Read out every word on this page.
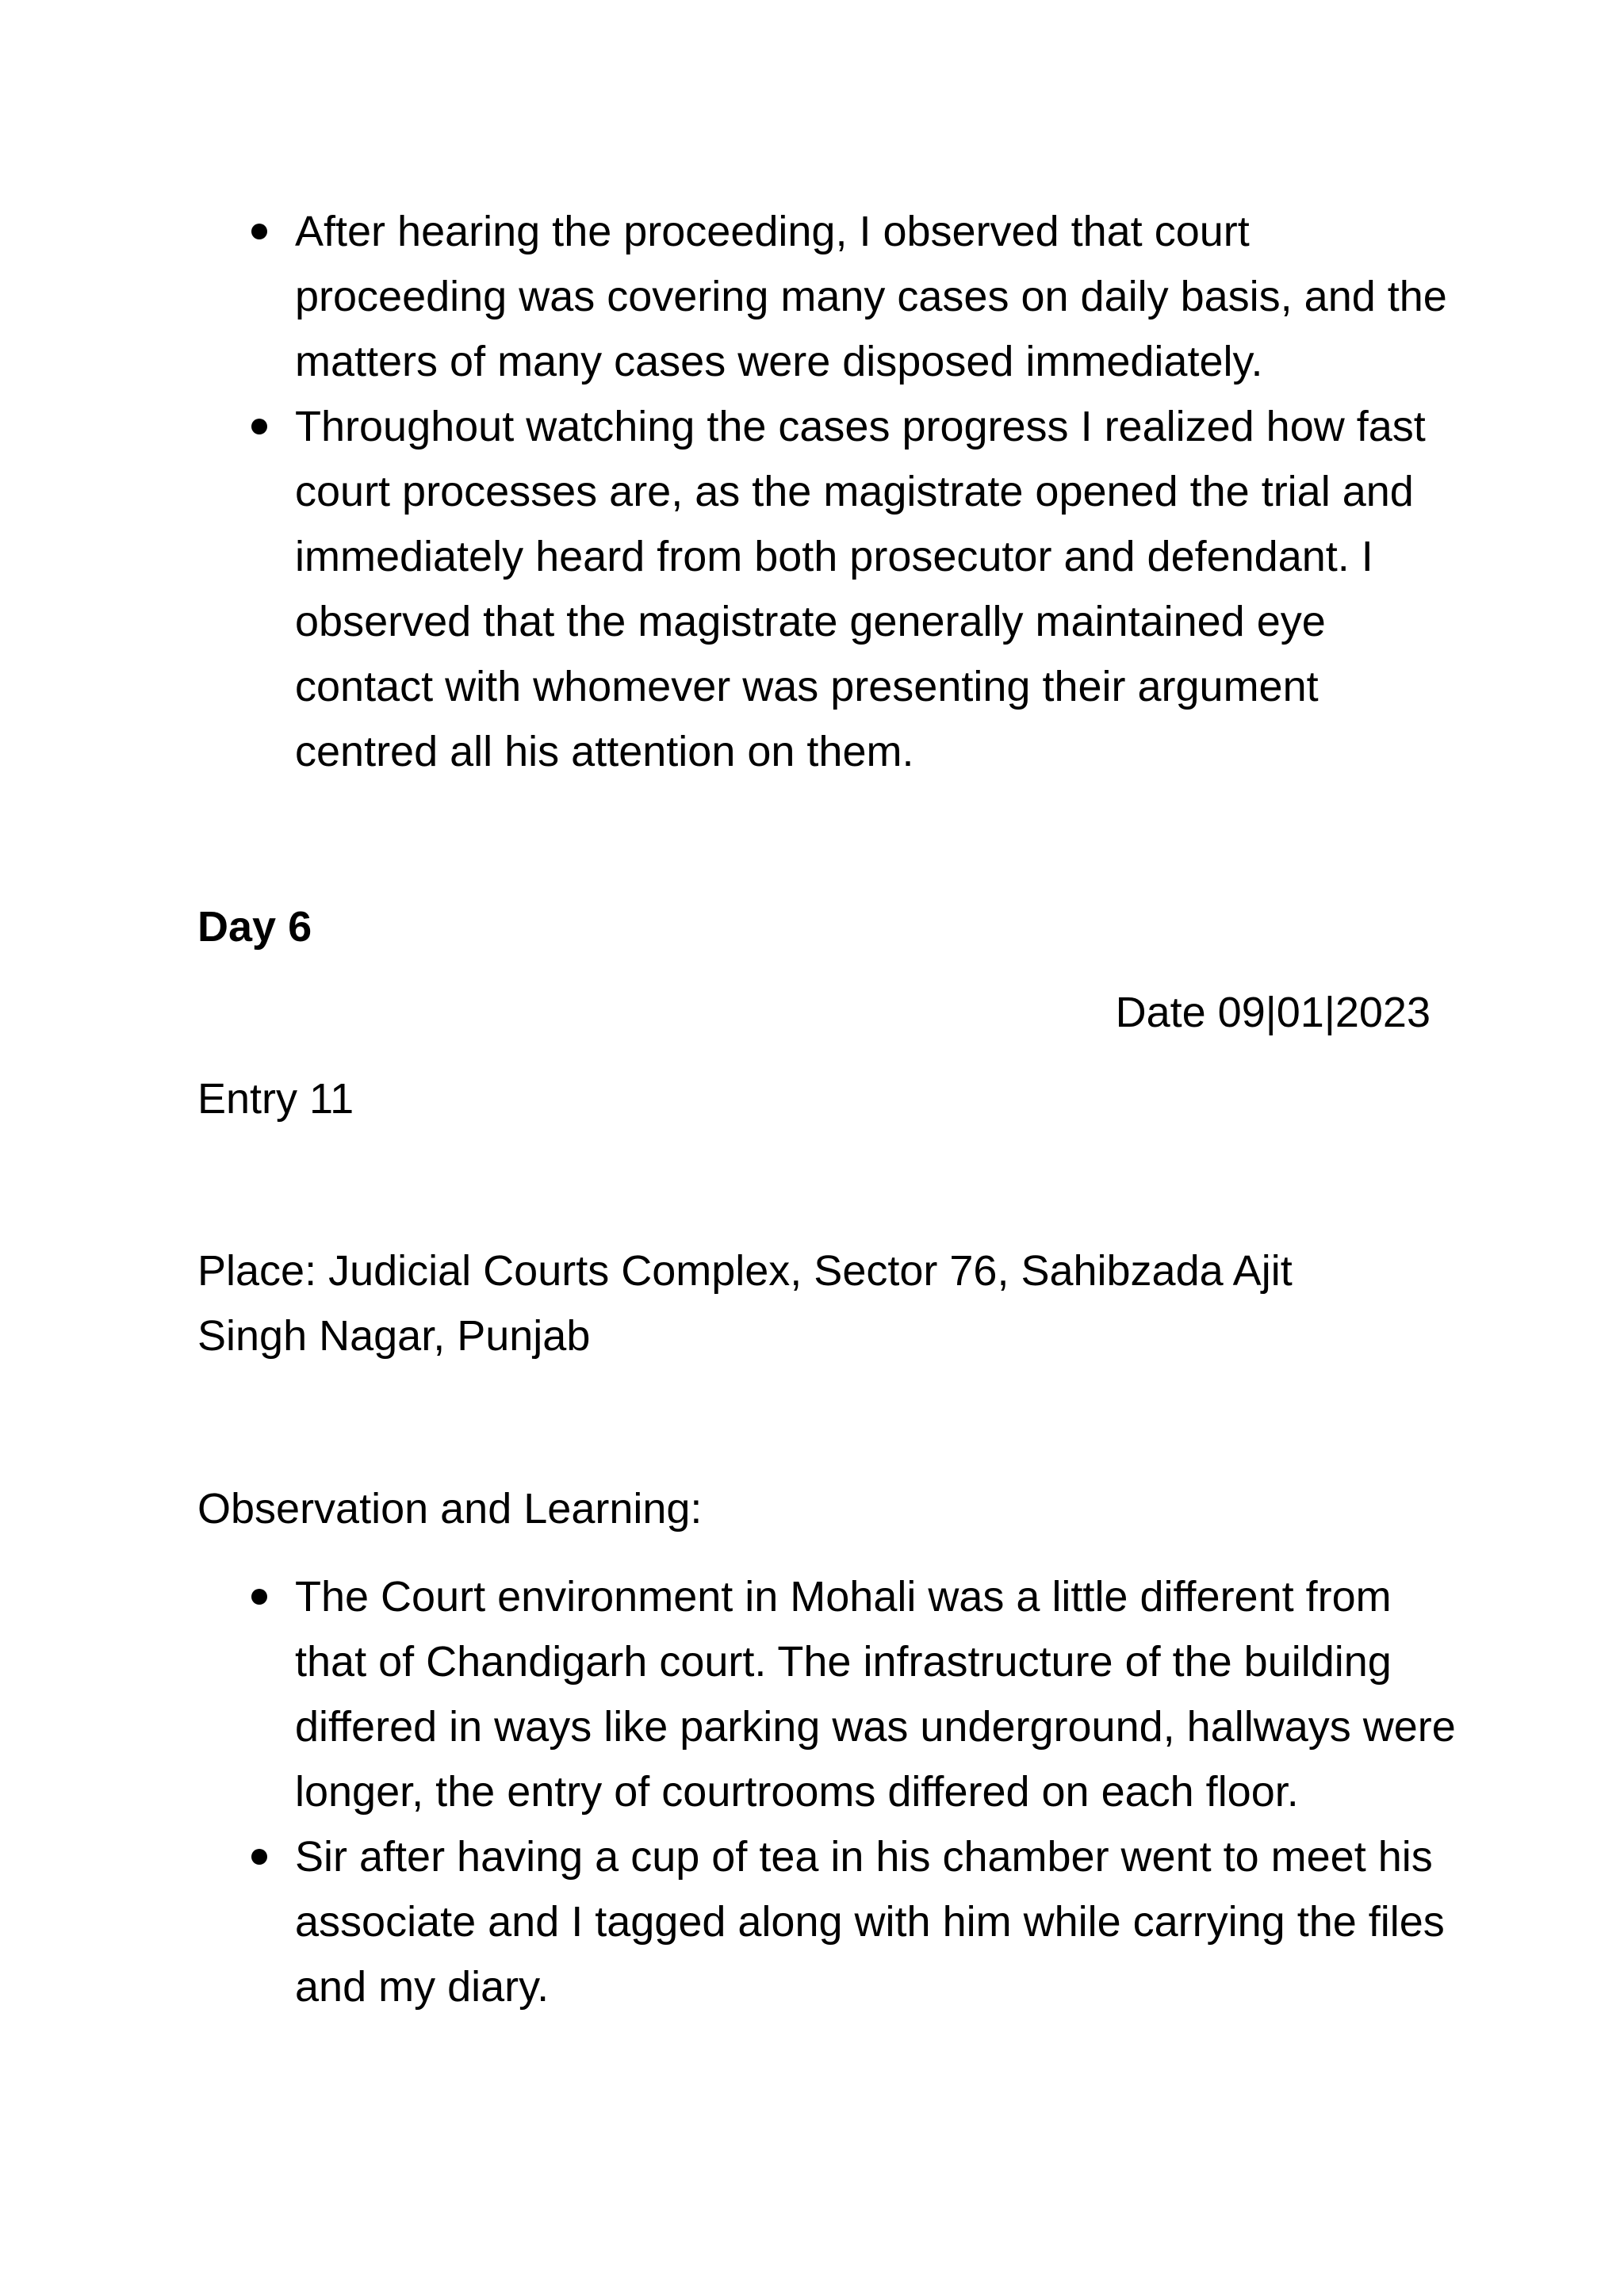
After hearing the proceeding, I observed that court proceeding was covering many cases on daily basis, and the matters of many cases were disposed immediately.
Throughout watching the cases progress I realized how fast court processes are, as the magistrate opened the trial and immediately heard from both prosecutor and defendant. I observed that the magistrate generally maintained eye contact with whomever was presenting their argument centred all his attention on them.
Day 6
Date 09|01|2023
Entry 11
Place: Judicial Courts Complex, Sector 76, Sahibzada Ajit Singh Nagar, Punjab
Observation and Learning:
The Court environment in Mohali was a little different from that of Chandigarh court. The infrastructure of the building differed in ways like parking was underground, hallways were longer, the entry of courtrooms differed on each floor.
Sir after having a cup of tea in his chamber went to meet his associate and I tagged along with him while carrying the files and my diary.
